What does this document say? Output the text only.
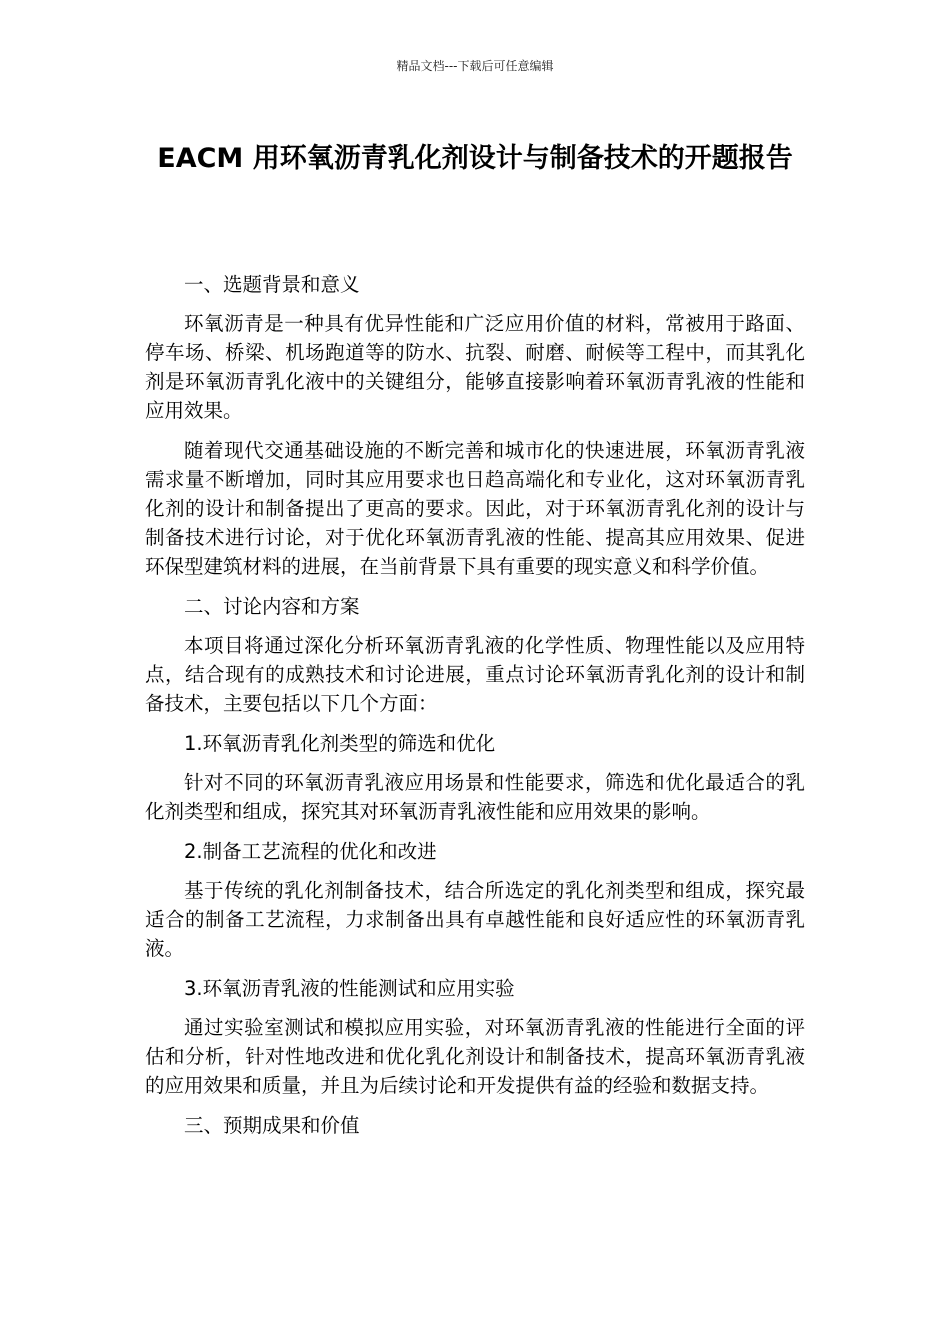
精品文档---下载后可任意编辑
EACM 用环氧沥青乳化剂设计与制备技术的开题报告

一、选题背景和意义

环氧沥青是一种具有优异性能和广泛应用价值的材料，常被用于路面、停车场、桥梁、机场跑道等的防水、抗裂、耐磨、耐候等工程中，而其乳化剂是环氧沥青乳化液中的关键组分，能够直接影响着环氧沥青乳液的性能和应用效果。

随着现代交通基础设施的不断完善和城市化的快速进展，环氧沥青乳液需求量不断增加，同时其应用要求也日趋高端化和专业化，这对环氧沥青乳化剂的设计和制备提出了更高的要求。因此，对于环氧沥青乳化剂的设计与制备技术进行讨论，对于优化环氧沥青乳液的性能、提高其应用效果、促进环保型建筑材料的进展，在当前背景下具有重要的现实意义和科学价值。

二、讨论内容和方案

本项目将通过深化分析环氧沥青乳液的化学性质、物理性能以及应用特点，结合现有的成熟技术和讨论进展，重点讨论环氧沥青乳化剂的设计和制备技术，主要包括以下几个方面：

1.环氧沥青乳化剂类型的筛选和优化

针对不同的环氧沥青乳液应用场景和性能要求，筛选和优化最适合的乳化剂类型和组成，探究其对环氧沥青乳液性能和应用效果的影响。

2.制备工艺流程的优化和改进

基于传统的乳化剂制备技术，结合所选定的乳化剂类型和组成，探究最适合的制备工艺流程，力求制备出具有卓越性能和良好适应性的环氧沥青乳液。

3.环氧沥青乳液的性能测试和应用实验

通过实验室测试和模拟应用实验，对环氧沥青乳液的性能进行全面的评估和分析，针对性地改进和优化乳化剂设计和制备技术，提高环氧沥青乳液的应用效果和质量，并且为后续讨论和开发提供有益的经验和数据支持。

三、预期成果和价值
